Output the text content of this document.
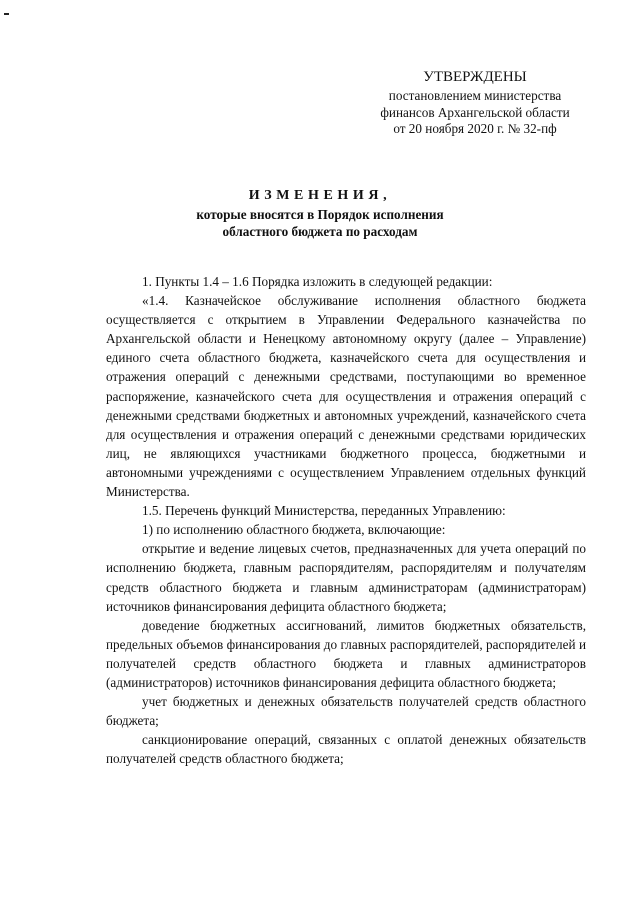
УТВЕРЖДЕНЫ
постановлением министерства
финансов Архангельской области
от 20 ноября 2020 г. № 32-пф
ИЗМЕНЕНИЯ,
которые вносятся в Порядок исполнения
областного бюджета по расходам

1. Пункты 1.4 – 1.6 Порядка изложить в следующей редакции:

«1.4. Казначейское обслуживание исполнения областного бюджета осуществляется с открытием в Управлении Федерального казначейства по Архангельской области и Ненецкому автономному округу (далее – Управление) единого счета областного бюджета, казначейского счета для осуществления и отражения операций с денежными средствами, поступающими во временное распоряжение, казначейского счета для осуществления и отражения операций с денежными средствами бюджетных и автономных учреждений, казначейского счета для осуществления и отражения операций с денежными средствами юридических лиц, не являющихся участниками бюджетного процесса, бюджетными и автономными учреждениями с осуществлением Управлением отдельных функций Министерства.

1.5. Перечень функций Министерства, переданных Управлению:

1) по исполнению областного бюджета, включающие:

открытие и ведение лицевых счетов, предназначенных для учета операций по исполнению бюджета, главным распорядителям, распорядителям и получателям средств областного бюджета и главным администраторам (администраторам) источников финансирования дефицита областного бюджета;

доведение бюджетных ассигнований, лимитов бюджетных обязательств, предельных объемов финансирования до главных распорядителей, распорядителей и получателей средств областного бюджета и главных администраторов (администраторов) источников финансирования дефицита областного бюджета;

учет бюджетных и денежных обязательств получателей средств областного бюджета;

санкционирование операций, связанных с оплатой денежных обязательств получателей средств областного бюджета;
